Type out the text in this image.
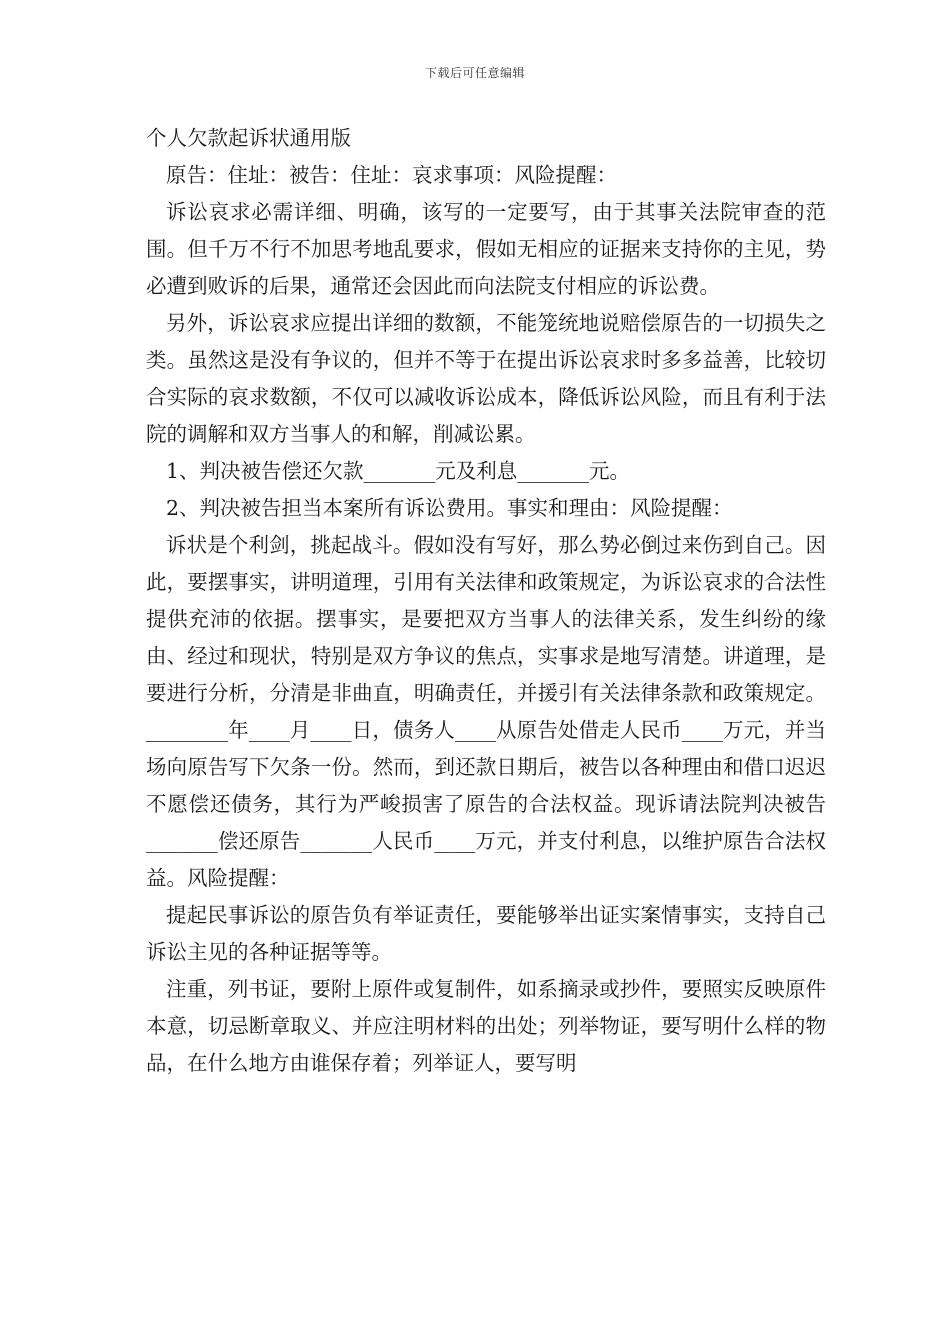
下载后可任意编辑
个人欠款起诉状通用版

原告：住址：被告：住址：哀求事项：风险提醒：

诉讼哀求必需详细、明确，该写的一定要写，由于其事关法院审查的范围。但千万不行不加思考地乱要求，假如无相应的证据来支持你的主见，势必遭到败诉的后果，通常还会因此而向法院支付相应的诉讼费。

另外，诉讼哀求应提出详细的数额，不能笼统地说赔偿原告的一切损失之类。虽然这是没有争议的，但并不等于在提出诉讼哀求时多多益善，比较切合实际的哀求数额，不仅可以减收诉讼成本，降低诉讼风险，而且有利于法院的调解和双方当事人的和解，削减讼累。

1、判决被告偿还欠款_______元及利息_______元。

2、判决被告担当本案所有诉讼费用。事实和理由：风险提醒：

诉状是个利剑，挑起战斗。假如没有写好，那么势必倒过来伤到自己。因此，要摆事实，讲明道理，引用有关法律和政策规定，为诉讼哀求的合法性提供充沛的依据。摆事实，是要把双方当事人的法律关系，发生纠纷的缘由、经过和现状，特别是双方争议的焦点，实事求是地写清楚。讲道理，是要进行分析，分清是非曲直，明确责任，并援引有关法律条款和政策规定。 ________年____月____日，债务人____从原告处借走人民币____万元，并当场向原告写下欠条一份。然而，到还款日期后，被告以各种理由和借口迟迟不愿偿还债务，其行为严峻损害了原告的合法权益。现诉请法院判决被告_______偿还原告_______人民币____万元，并支付利息，以维护原告合法权益。风险提醒：

提起民事诉讼的原告负有举证责任，要能够举出证实案情事实，支持自己诉讼主见的各种证据等等。

注重，列书证，要附上原件或复制件，如系摘录或抄件，要照实反映原件本意，切忌断章取义、并应注明材料的出处；列举物证，要写明什么样的物品，在什么地方由谁保存着；列举证人，要写明
